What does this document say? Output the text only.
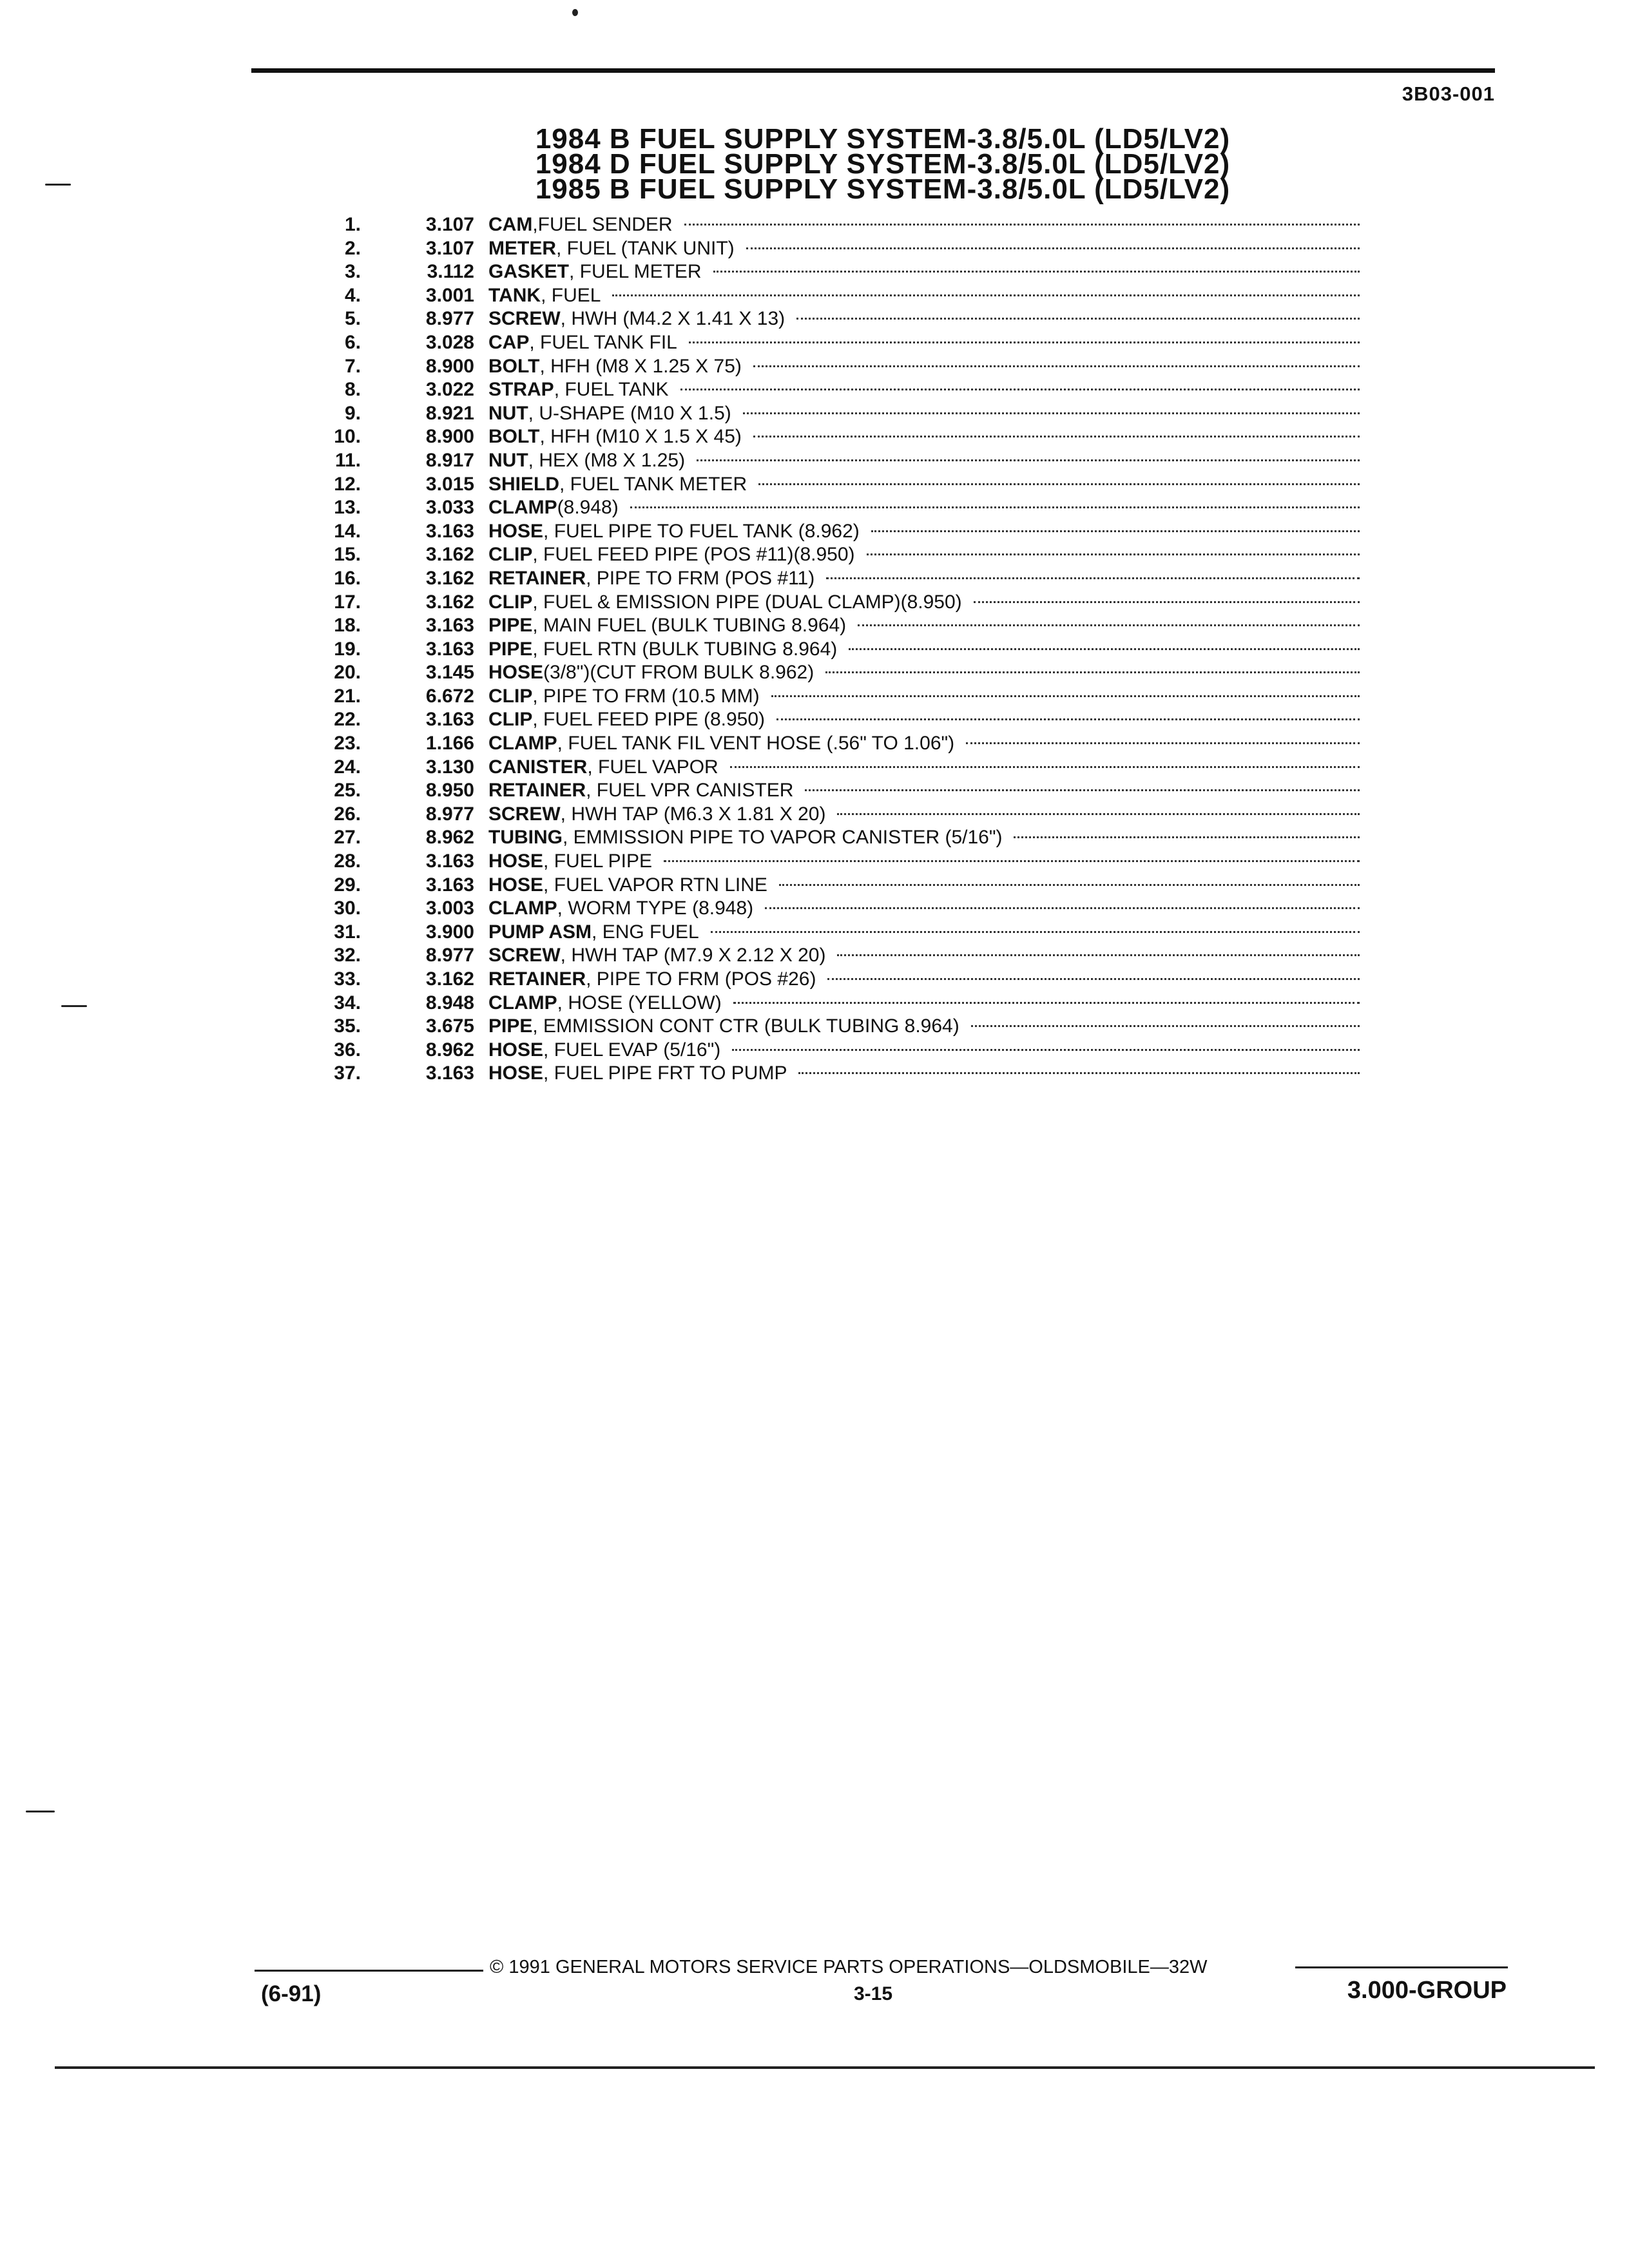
3B03-001
1984 B FUEL SUPPLY SYSTEM-3.8/5.0L (LD5/LV2)
1984 D FUEL SUPPLY SYSTEM-3.8/5.0L (LD5/LV2)
1985 B FUEL SUPPLY SYSTEM-3.8/5.0L (LD5/LV2)
1.	3.107 CAM ,FUEL SENDER
2.	3.107 METER , FUEL (TANK UNIT)
3.	3.112 GASKET , FUEL METER
4.	3.001 TANK , FUEL
5.	8.977 SCREW , HWH (M4.2 X 1.41 X 13)
6.	3.028 CAP , FUEL TANK FIL
7.	8.900 BOLT , HFH (M8 X 1.25 X 75)
8.	3.022 STRAP , FUEL TANK
9.	8.921 NUT , U-SHAPE (M10 X 1.5)
10.	8.900 BOLT , HFH (M10 X 1.5 X 45)
11.	8.917 NUT , HEX (M8 X 1.25)
12.	3.015 SHIELD , FUEL TANK METER
13.	3.033 CLAMP (8.948)
14.	3.163 HOSE , FUEL PIPE TO FUEL TANK (8.962)
15.	3.162 CLIP , FUEL FEED PIPE (POS #11)(8.950)
16.	3.162 RETAINER , PIPE TO FRM (POS #11)
17.	3.162 CLIP , FUEL & EMISSION PIPE (DUAL CLAMP)(8.950)
18.	3.163 PIPE , MAIN FUEL (BULK TUBING 8.964)
19.	3.163 PIPE , FUEL RTN (BULK TUBING 8.964)
20.	3.145 HOSE (3/8")(CUT FROM BULK 8.962)
21.	6.672 CLIP , PIPE TO FRM (10.5 MM)
22.	3.163 CLIP , FUEL FEED PIPE (8.950)
23.	1.166 CLAMP , FUEL TANK FIL VENT HOSE (.56" TO 1.06")
24.	3.130 CANISTER , FUEL VAPOR
25.	8.950 RETAINER , FUEL VPR CANISTER
26.	8.977 SCREW , HWH TAP (M6.3 X 1.81 X 20)
27.	8.962 TUBING , EMMISSION PIPE TO VAPOR CANISTER (5/16")
28.	3.163 HOSE , FUEL PIPE
29.	3.163 HOSE , FUEL VAPOR RTN LINE
30.	3.003 CLAMP , WORM TYPE (8.948)
31.	3.900 PUMP ASM , ENG FUEL
32.	8.977 SCREW , HWH TAP (M7.9 X 2.12 X 20)
33.	3.162 RETAINER , PIPE TO FRM (POS #26)
34.	8.948 CLAMP , HOSE (YELLOW)
35.	3.675 PIPE , EMMISSION CONT CTR (BULK TUBING 8.964)
36.	8.962 HOSE , FUEL EVAP (5/16")
37.	3.163 HOSE , FUEL PIPE FRT TO PUMP
© 1991 GENERAL MOTORS SERVICE PARTS OPERATIONS—OLDSMOBILE—32W
(6-91)	3-15	3.000-GROUP
